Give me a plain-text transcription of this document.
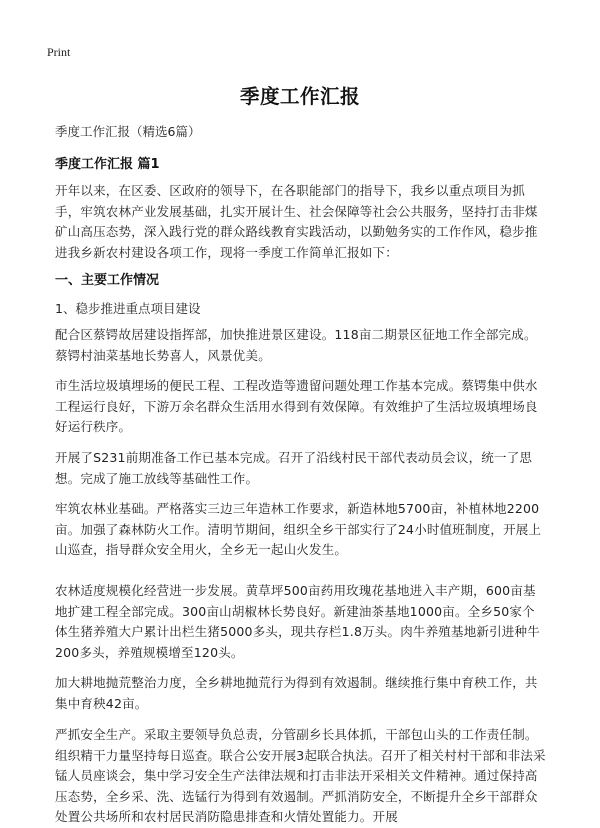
Print
季度工作汇报
季度工作汇报（精选6篇）
季度工作汇报 篇1

开年以来，在区委、区政府的领导下，在各职能部门的指导下，我乡以重点项目为抓手，牢筑农林产业发展基础，扎实开展计生、社会保障等社会公共服务，坚持打击非煤矿山高压态势，深入践行党的群众路线教育实践活动，以勤勉务实的工作作风，稳步推进我乡新农村建设各项工作，现将一季度工作简单汇报如下：

一、主要工作情况
1、稳步推进重点项目建设

配合区蔡锷故居建设指挥部，加快推进景区建设。118亩二期景区征地工作全部完成。蔡锷村油菜基地长势喜人，风景优美。

市生活垃圾填埋场的便民工程、工程改造等遗留问题处理工作基本完成。蔡锷集中供水工程运行良好，下游万余名群众生活用水得到有效保障。有效维护了生活垃圾填埋场良好运行秩序。

开展了S231前期准备工作已基本完成。召开了沿线村民干部代表动员会议，统一了思想。完成了施工放线等基础性工作。

牢筑农林业基础。严格落实三边三年造林工作要求，新造林地5700亩，补植林地2200亩。加强了森林防火工作。清明节期间，组织全乡干部实行了24小时值班制度，开展上山巡查，指导群众安全用火，全乡无一起山火发生。

农林适度规模化经营进一步发展。黄草坪500亩药用玫瑰花基地进入丰产期，600亩基地扩建工程全部完成。300亩山胡椒林长势良好。新建油茶基地1000亩。全乡50家个体生猪养殖大户累计出栏生猪5000多头，现共存栏1.8万头。肉牛养殖基地新引进种牛200多头，养殖规模增至120头。

加大耕地抛荒整治力度，全乡耕地抛荒行为得到有效遏制。继续推行集中育秧工作，共集中育秧42亩。

严抓安全生产。采取主要领导负总责，分管副乡长具体抓，干部包山头的工作责任制。组织精干力量坚持每日巡查。联合公安开展3起联合执法。召开了相关村村干部和非法采锰人员座谈会，集中学习安全生产法律法规和打击非法开采相关文件精神。通过保持高压态势，全乡采、洗、选锰行为得到有效遏制。严抓消防安全，不断提升全乡干部群众处置公共场所和农村居民消防隐患排查和火情处置能力。开展
